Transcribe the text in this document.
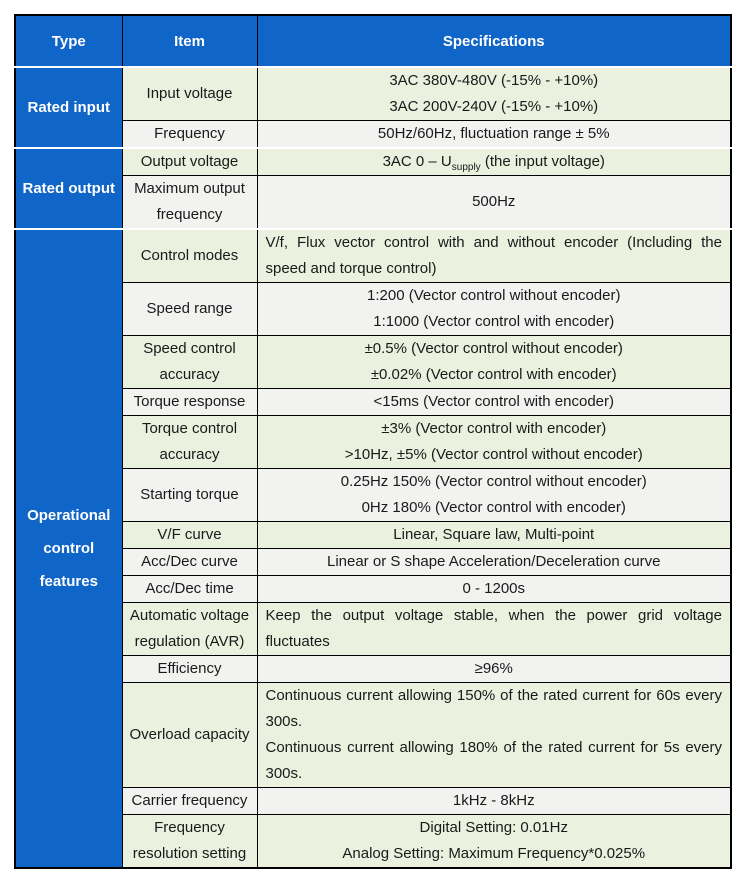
Type	Item	Specifications
Rated input	Input voltage	3AC 380V-480V (-15% - +10%)
3AC 200V-240V (-15% - +10%)

	Frequency	50Hz/60Hz, fluctuation range ± 5%

Rated output	Output voltage	3AC $0 - U_{supply}$ (the input voltage)

	Maximum output frequency	500Hz

Operational control features	Control modes	V/f, Flux vector control with and without encoder (Including the speed and torque control)

	Speed range	1:200 (Vector control without encoder)
1:1000 (Vector control with encoder)

	Speed control accuracy	±0.5% (Vector control without encoder)
±0.02% (Vector control with encoder)

	Torque response	<15ms (Vector control with encoder)

	Torque control accuracy	±3% (Vector control with encoder)
>10Hz, ±5% (Vector control without encoder)

	Starting torque	0.25Hz 150% (Vector control without encoder)
0Hz 180% (Vector control with encoder)

	V/F curve	Linear, Square law, Multi-point

	Acc/Dec curve	Linear or S shape Acceleration/Deceleration curve

	Acc/Dec time	0 - 1200s

	Automatic voltage regulation (AVR)	Keep the output voltage stable, when the power grid voltage fluctuates

	Efficiency	≥96%

	Overload capacity	Continuous current allowing 150% of the rated current for 60s every 300s.
Continuous current allowing 180% of the rated current for 5s every 300s.

	Carrier frequency	1kHz - 8kHz

	Frequency resolution setting	Digital Setting: 0.01Hz
Analog Setting: Maximum Frequency*0.025%
